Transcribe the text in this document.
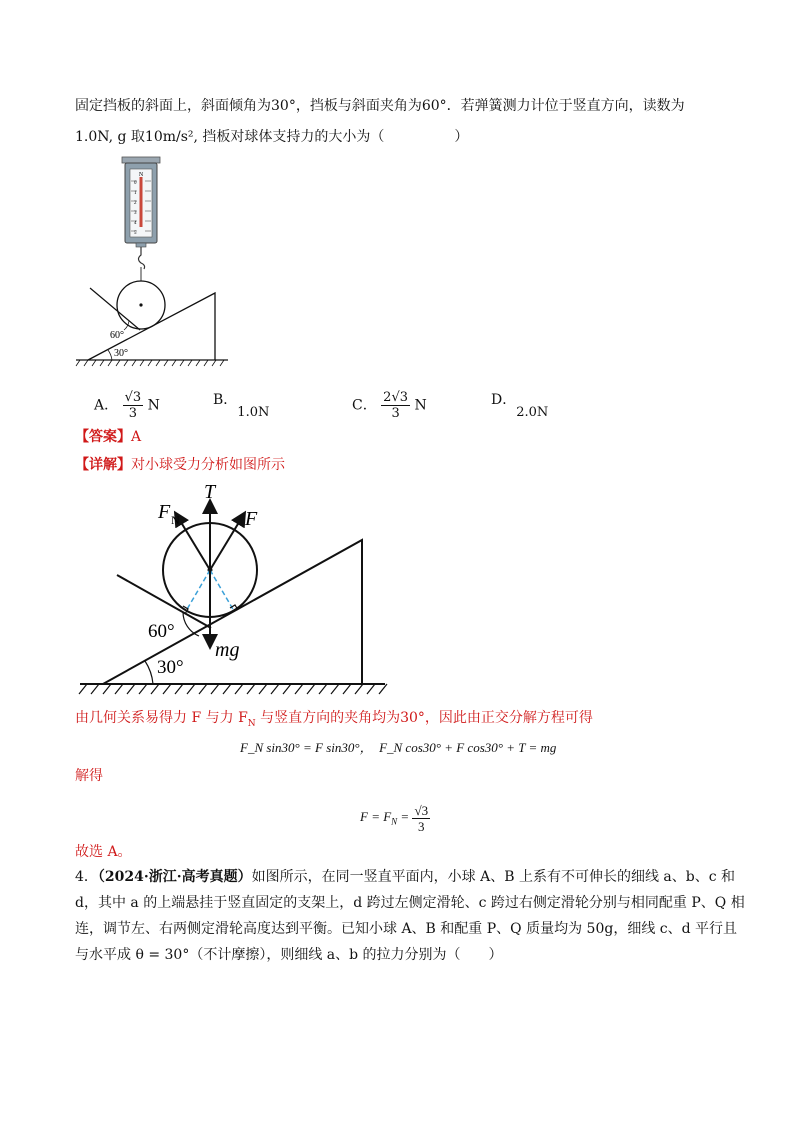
固定挡板的斜面上，斜面倾角为30°，挡板与斜面夹角为60°．若弹簧测力计位于竖直方向，读数为
1.0N, g 取10m/s², 挡板对球体支持力的大小为（　　　　　）
N
0
1
2
3
4
5
60°
30°
A． $\frac{√3}{3}$ N	B．1.0N	C． $\frac{2√3}{3}$ N	D．2.0N
【答案】A
【详解】对小球受力分析如图所示
T
F N	F
mg
60°
30°
由几何关系易得力 F 与力 $F_N$ 与竖直方向的夹角均为30°，因此由正交分解方程可得
F_N sin30° = F sin30°，　F_N cos30° + F cos30° + T = mg
解得
$F = F_N = \frac{√3}{3}$
故选 A。
4．（2024·浙江·高考真题）如图所示，在同一竖直平面内，小球 A、B 上系有不可伸长的细线 a、b、c 和
d，其中 a 的上端悬挂于竖直固定的支架上，d 跨过左侧定滑轮、c 跨过右侧定滑轮分别与相同配重 P、Q 相
连，调节左、右两侧定滑轮高度达到平衡。已知小球 A、B 和配重 P、Q 质量均为 50g，细线 c、d 平行且
与水平成 θ = 30°（不计摩擦），则细线 a、b 的拉力分别为（　　）
